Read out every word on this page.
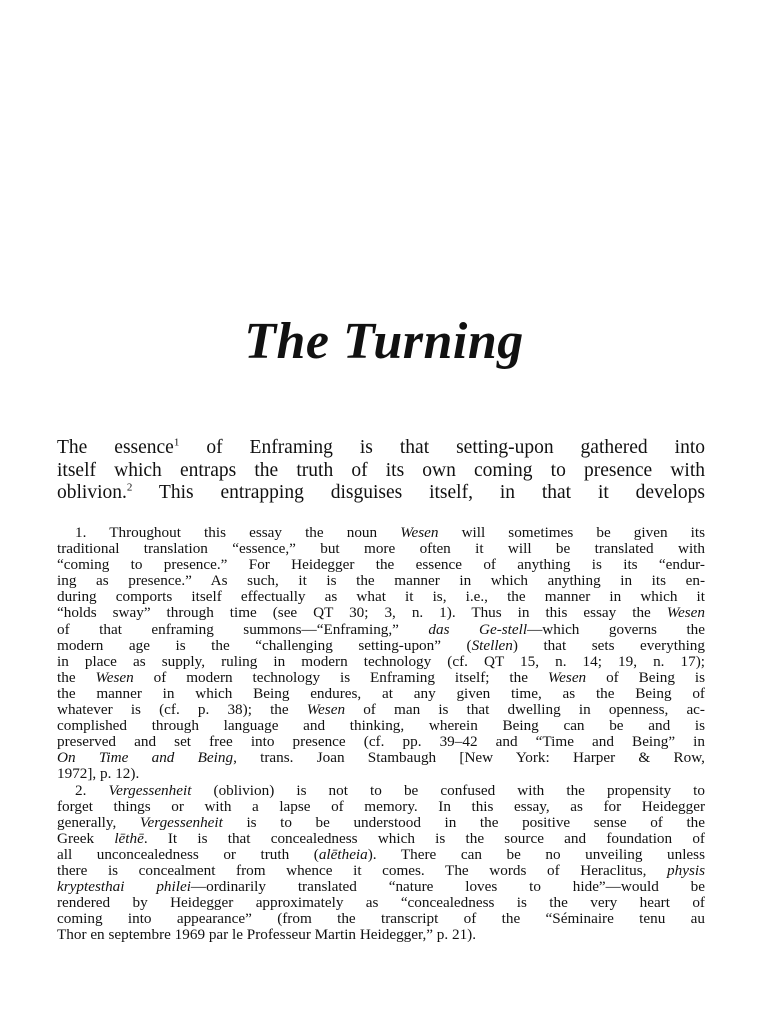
The Turning
The essence$^1$ of Enframing is that setting-upon gathered into
itself which entraps the truth of its own coming to presence with
oblivion.$^2$ This entrapping disguises itself, in that it develops
1. Throughout this essay the noun Wesen will sometimes be given its
traditional translation “essence,” but more often it will be translated with
“coming to presence.” For Heidegger the essence of anything is its “endur-
ing as presence.” As such, it is the manner in which anything in its en-
during comports itself effectually as what it is, i.e., the manner in which it
“holds sway” through time (see QT 30; 3, n. 1). Thus in this essay the Wesen
of that enframing summons—“Enframing,” das Ge-stell—which governs the
modern age is the “challenging setting-upon” (Stellen) that sets everything
in place as supply, ruling in modern technology (cf. QT 15, n. 14; 19, n. 17);
the Wesen of modern technology is Enframing itself; the Wesen of Being is
the manner in which Being endures, at any given time, as the Being of
whatever is (cf. p. 38); the Wesen of man is that dwelling in openness, ac-
complished through language and thinking, wherein Being can be and is
preserved and set free into presence (cf. pp. 39–42 and “Time and Being” in
On Time and Being, trans. Joan Stambaugh [New York: Harper & Row,
1972], p. 12).
2. Vergessenheit (oblivion) is not to be confused with the propensity to
forget things or with a lapse of memory. In this essay, as for Heidegger
generally, Vergessenheit is to be understood in the positive sense of the
Greek lēthē. It is that concealedness which is the source and foundation of
all unconcealedness or truth (alētheia). There can be no unveiling unless
there is concealment from whence it comes. The words of Heraclitus, physis
kryptesthai philei—ordinarily translated “nature loves to hide”—would be
rendered by Heidegger approximately as “concealedness is the very heart of
coming into appearance” (from the transcript of the “Séminaire tenu au
Thor en septembre 1969 par le Professeur Martin Heidegger,” p. 21).
